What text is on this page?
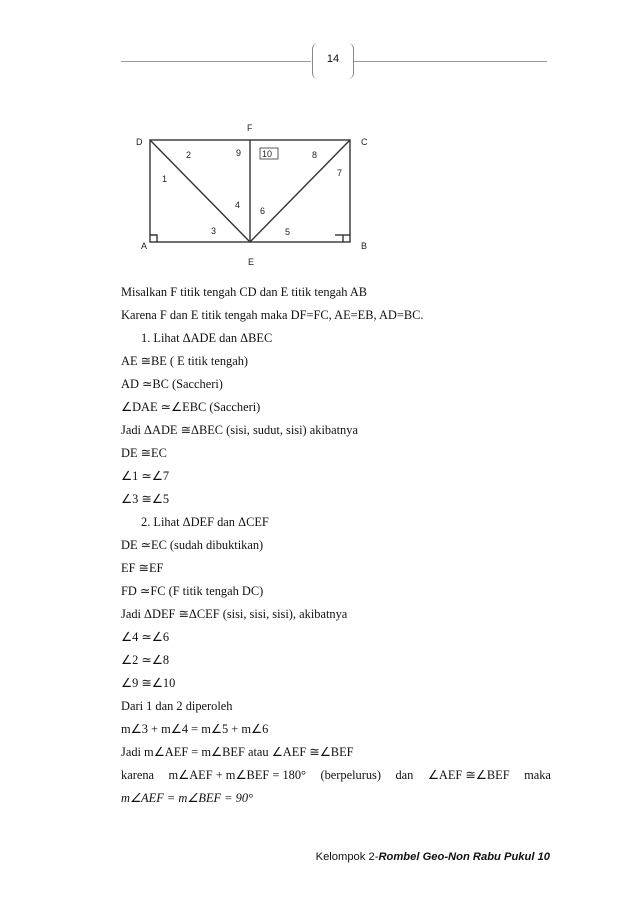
14
D
F
C
A
E
B
1
2
3
4
5
6
7
8
9 10
Misalkan F titik tengah CD dan E titik tengah AB
Karena F dan E titik tengah maka DF=FC, AE=EB, AD=BC.
1. Lihat ΔADE dan ΔBEC
AE ≅BE ( E titik tengah)
AD ≃BC (Saccheri)
∠DAE ≃∠EBC (Saccheri)
Jadi ΔADE ≅ΔBEC (sisi, sudut, sisi) akibatnya
DE ≅EC
∠1 ≃∠7
∠3 ≅∠5
2. Lihat ΔDEF dan ΔCEF
DE ≃EC (sudah dibuktikan)
EF ≅EF
FD ≃FC (F titik tengah DC)
Jadi ΔDEF ≅ΔCEF (sisi, sisi, sisi), akibatnya
∠4 ≃∠6
∠2 ≃∠8
∠9 ≅∠10
Dari 1 dan 2 diperoleh
m∠3 + m∠4 = m∠5 + m∠6
Jadi m∠AEF = m∠BEF atau ∠AEF ≅∠BEF
karena m∠AEF + m∠BEF = 180° (berpelurus) dan ∠AEF ≅∠BEF maka
m∠AEF = m∠BEF = 90°
Kelompok 2-Rombel Geo-Non Rabu Pukul 10
